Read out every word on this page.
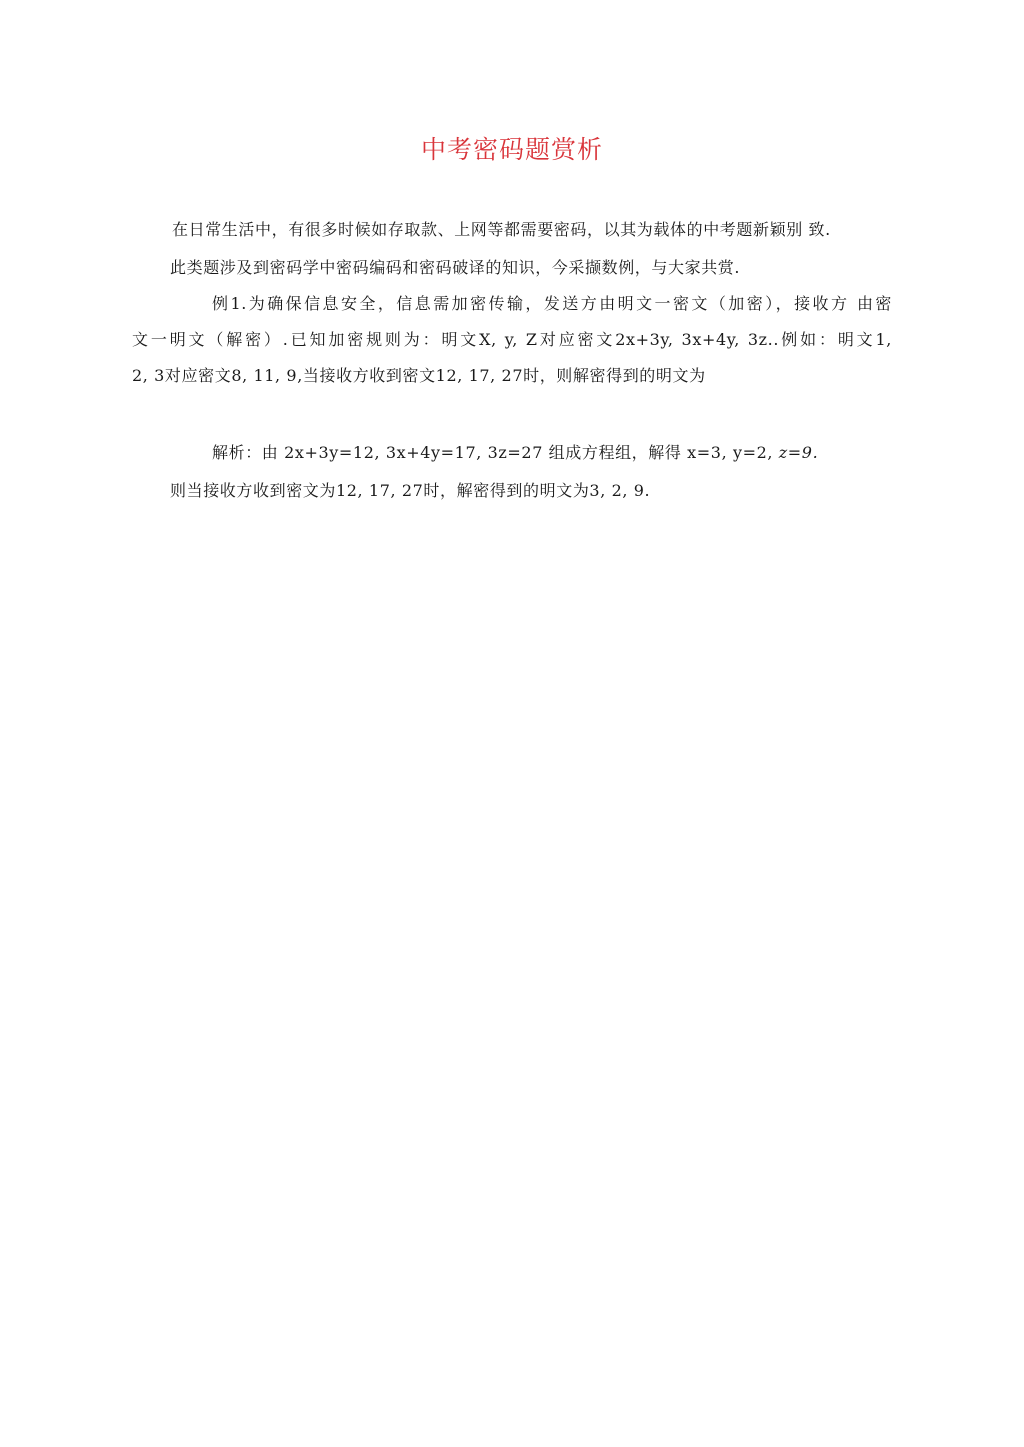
中考密码题赏析
在日常生活中，有很多时候如存取款、上网等都需要密码，以其为载体的中考题新颖别 致.
此类题涉及到密码学中密码编码和密码破译的知识，今采撷数例，与大家共赏.
例1.为确保信息安全，信息需加密传输，发送方由明文一密文（加密），接收方 由密
文一明文（解密）.已知加密规则为：明文X, y, Z对应密文2x+3y, 3x+4y, 3z..例如：明文1,
2, 3对应密文8, 11, 9,当接收方收到密文12, 17, 27时，则解密得到的明文为
解析：由 2x+3y=12, 3x+4y=17, 3z=27 组成方程组，解得 x=3, y=2, z=9.
则当接收方收到密文为12, 17, 27时，解密得到的明文为3, 2, 9.
